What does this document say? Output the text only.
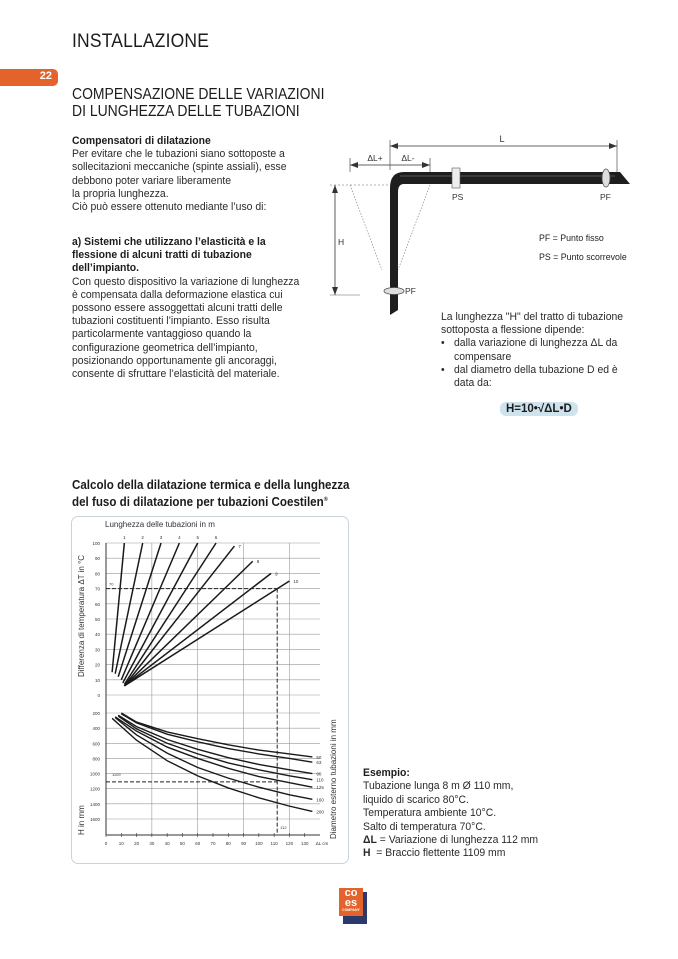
INSTALLAZIONE
22
COMPENSAZIONE DELLE VARIAZIONI
DI LUNGHEZZA DELLE TUBAZIONI
Compensatori di dilatazione
Per evitare che le tubazioni siano sottoposte a
sollecitazioni meccaniche (spinte assiali), esse
debbono poter variare liberamente
la propria lunghezza.
Ciò può essere ottenuto mediante l’uso di:
a) Sistemi che utilizzano l’elasticità e la
flessione di alcuni tratti di tubazione
dell’impianto.
Con questo dispositivo la variazione di lunghezza
è compensata dalla deformazione elastica cui
possono essere assoggettati alcuni tratti delle
tubazioni costituenti l’impianto. Esso risulta
particolarmente vantaggioso quando la
configurazione geometrica dell’impianto,
posizionando opportunamente gli ancoraggi,
consente di sfruttare l’elasticità del materiale.
L
ΔL+ ΔL-
H
PS	PF
PF
PF = Punto fisso
PS = Punto scorrevole
La lunghezza "H" del tratto di tubazione
sottoposta a flessione dipende:
• dalla variazione di lunghezza ΔL da
compensare
• dal diametro della tubazione D ed è
data da:
H=10•√ΔL•D
Calcolo della dilatazione termica e della lunghezza
del fuso di dilatazione per tubazioni Coestilen®
Lunghezza delle tubazioni in m
100
90
80
70
60
50
40
30
20
10
0
200
400
600
800
1000
1200
1400
1600
0	10 20 30 40 50 60 70 80 90 100 110 120 130 ΔL cm
1	2	3	4	5	6
7
8
9
10
50
63
90
110
125
160
200
70
1109
112
Differenza di temperatura ΔT in °C
H in mm	Diametro esterno tubazioni in mm Esempio:
Tubazione lunga 8 m Ø 110 mm,
liquido di scarico 80°C.
Temperatura ambiente 10°C.
Salto di temperatura 70°C.
ΔL = Variazione di lunghezza 112 mm
H  = Braccio flettente 1109 mm
co
es
COMPANY
